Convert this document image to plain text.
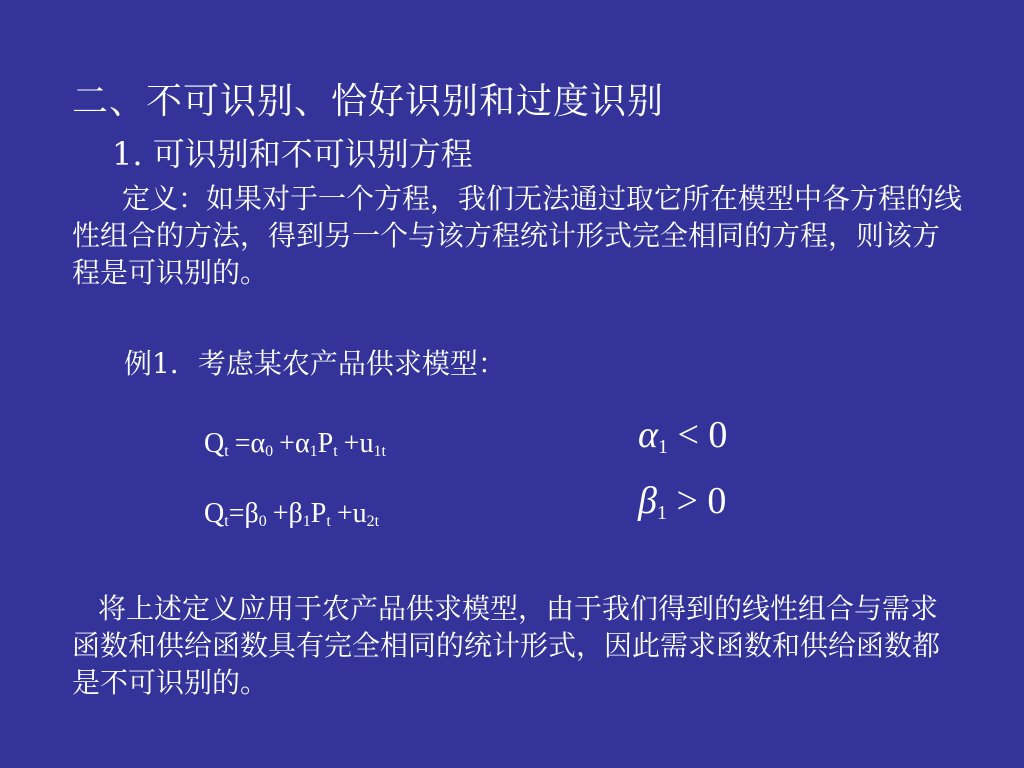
二、不可识别、恰好识别和过度识别
1. 可识别和不可识别方程
定义：如果对于一个方程，我们无法通过取它所在模型中各方程的线性组合的方法，得到另一个与该方程统计形式完全相同的方程，则该方程是可识别的。
例1．考虑某农产品供求模型：
$Q_t =\alpha_0 +\alpha_1P_t +u_{1t}$
$Q_t=\beta_0 +\beta_1P_t +u_{2t}$
$\alpha_1 < 0$
$\beta_1 > 0$
将上述定义应用于农产品供求模型，由于我们得到的线性组合与需求函数和供给函数具有完全相同的统计形式，因此需求函数和供给函数都是不可识别的。
